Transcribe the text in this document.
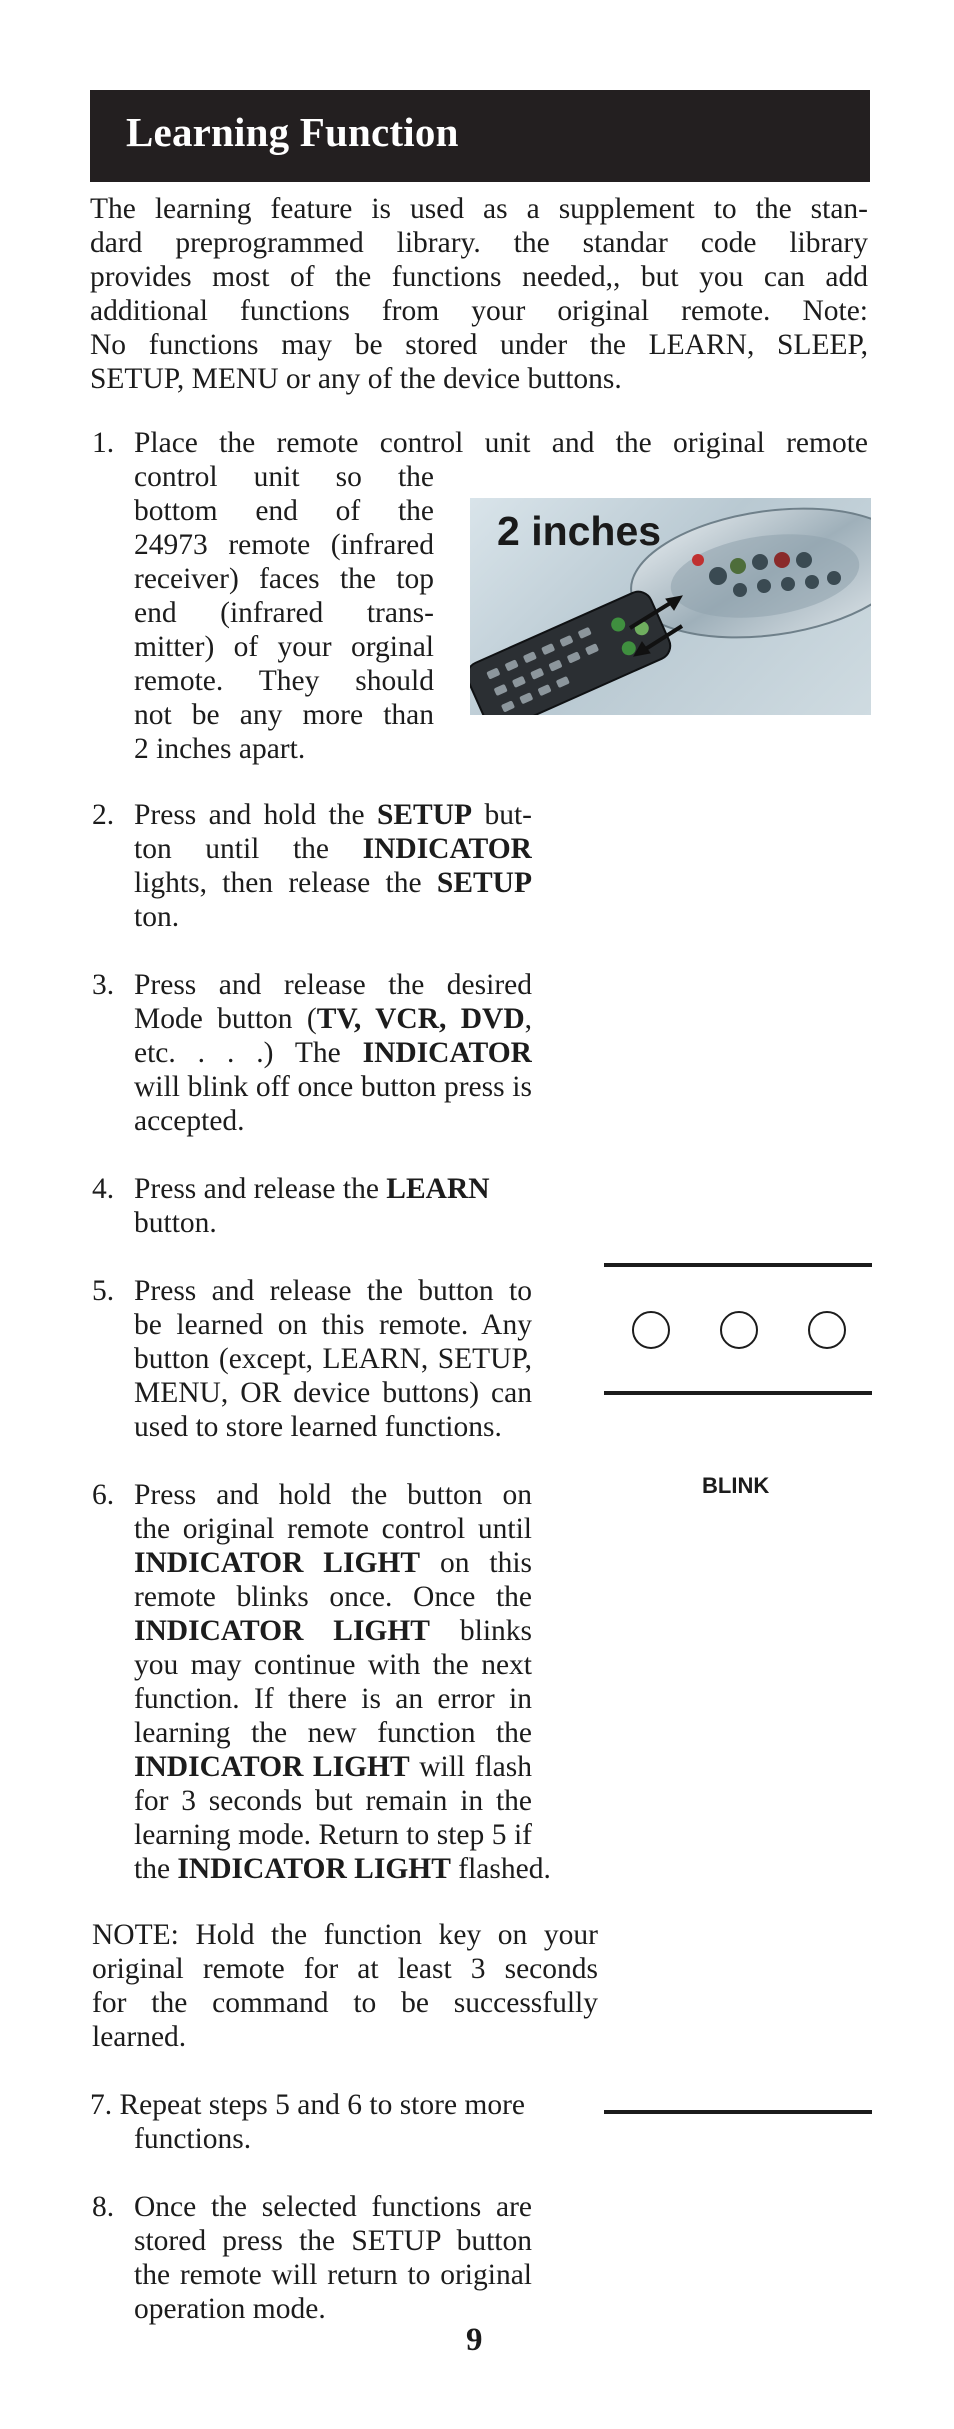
Learning Function
The learning feature is used as a supplement to the stan-
dard preprogrammed library. the standar code library
provides most of the functions needed,, but you can add
additional functions from your original remote. Note:
No functions may be stored under the LEARN, SLEEP,
SETUP, MENU or any of the device buttons.
1. Place the remote control unit and the original remote
control unit so the
bottom end of the
24973 remote (infrared
receiver) faces the top
end (infrared trans-
mitter) of your orginal
remote. They should
not be any more than
2 inches apart.
2 inches
2. Press and hold the SETUP but-
ton until the INDICATOR
lights, then release the SETUP
ton.
3. Press and release the desired
Mode button (TV, VCR, DVD,
etc. . . .) The INDICATOR
will blink off once button press is
accepted.
4. Press and release the LEARN
button.
5. Press and release the button to
be learned on this remote. Any
button (except, LEARN, SETUP,
MENU, OR device buttons) can
used to store learned functions.
BLINK
6. Press and hold the button on
the original remote control until
INDICATOR LIGHT on this
remote blinks once. Once the
INDICATOR LIGHT blinks
you may continue with the next
function. If there is an error in
learning the new function the
INDICATOR LIGHT will flash
for 3 seconds but remain in the
learning mode. Return to step 5 if
the INDICATOR LIGHT flashed.
NOTE: Hold the function key on your
original remote for at least 3 seconds
for the command to be successfully
learned.
7. Repeat steps 5 and 6 to store more
functions.
8. Once the selected functions are
stored press the SETUP button
the remote will return to original
operation mode.
9
